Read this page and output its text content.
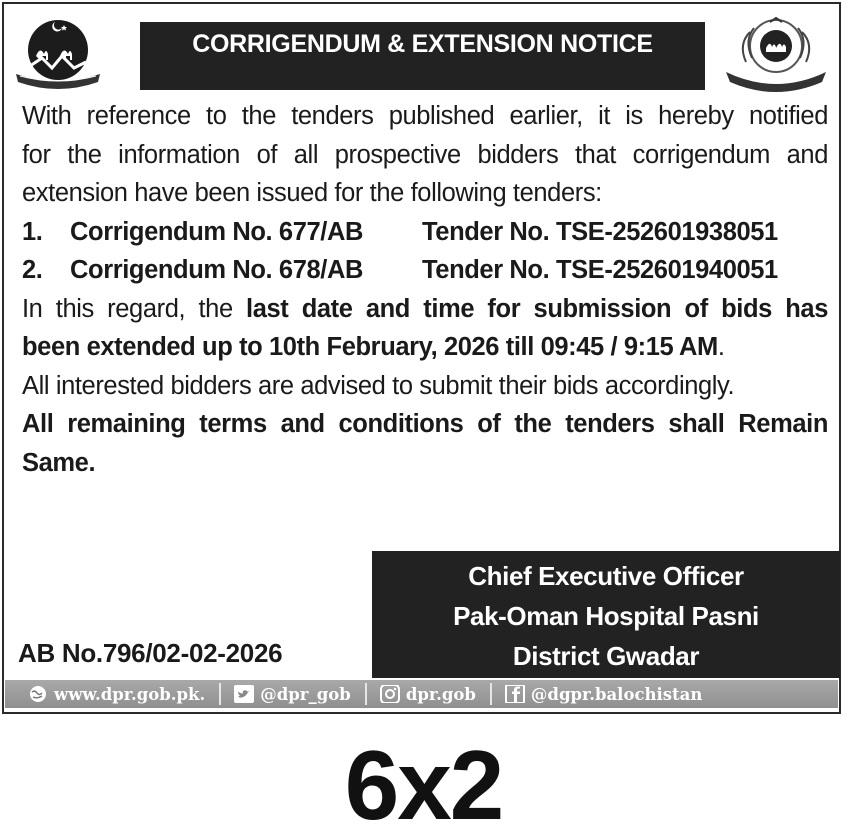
CORRIGENDUM & EXTENSION NOTICE

With reference to the tenders published earlier, it is hereby notified

for the information of all prospective bidders that corrigendum and

extension have been issued for the following tenders:

1.	Corrigendum No. 677/AB	Tender No. TSE-252601938051
2.	Corrigendum No. 678/AB	Tender No. TSE-252601940051

In this regard, the last date and time for submission of bids has

been extended up to 10th February, 2026 till 09:45 / 9:15 AM.

All interested bidders are advised to submit their bids accordingly.

All remaining terms and conditions of the tenders shall Remain

Same.

Chief Executive Officer
Pak-Oman Hospital Pasni
District Gwadar
AB No.796/02-02-2026
www.dpr.gob.pk.	@dpr_gob	dpr.gob	@dgpr.balochistan
6x2
